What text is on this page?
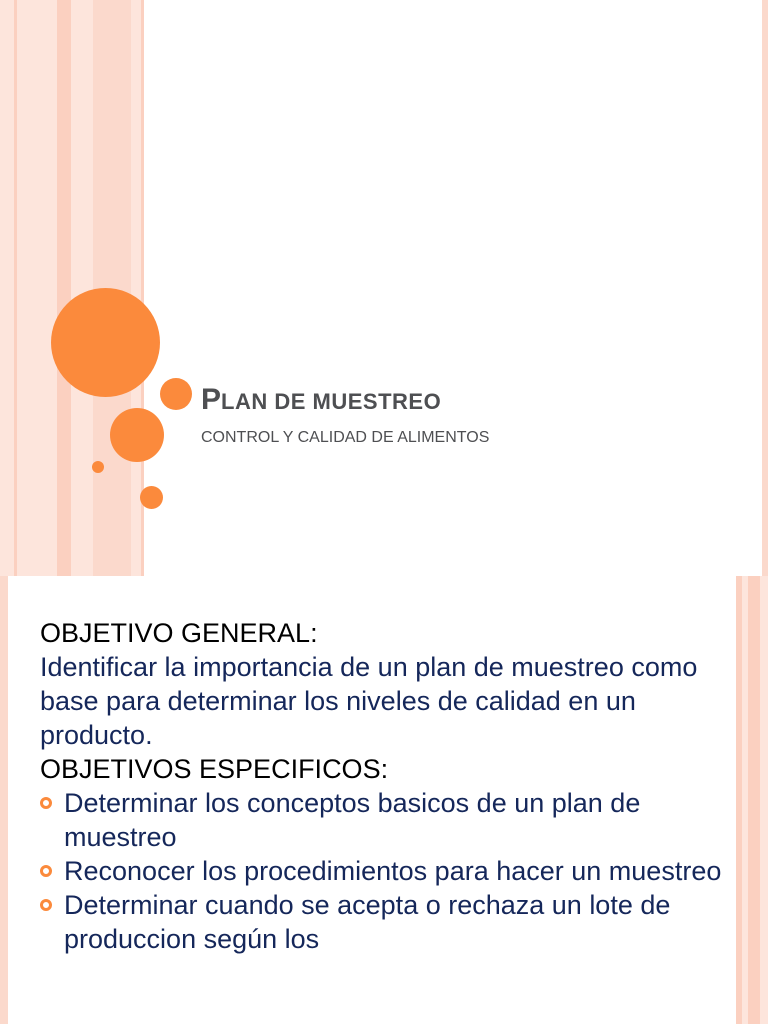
PLAN DE MUESTREO

CONTROL Y CALIDAD DE ALIMENTOS

OBJETIVO GENERAL:

Identificar la importancia de un plan de muestreo como base para determinar los niveles de calidad en un producto.

OBJETIVOS ESPECIFICOS:

Determinar los conceptos basicos de un plan de muestreo
Reconocer los procedimientos para hacer un muestreo
Determinar cuando se acepta o rechaza un lote de produccion según los
